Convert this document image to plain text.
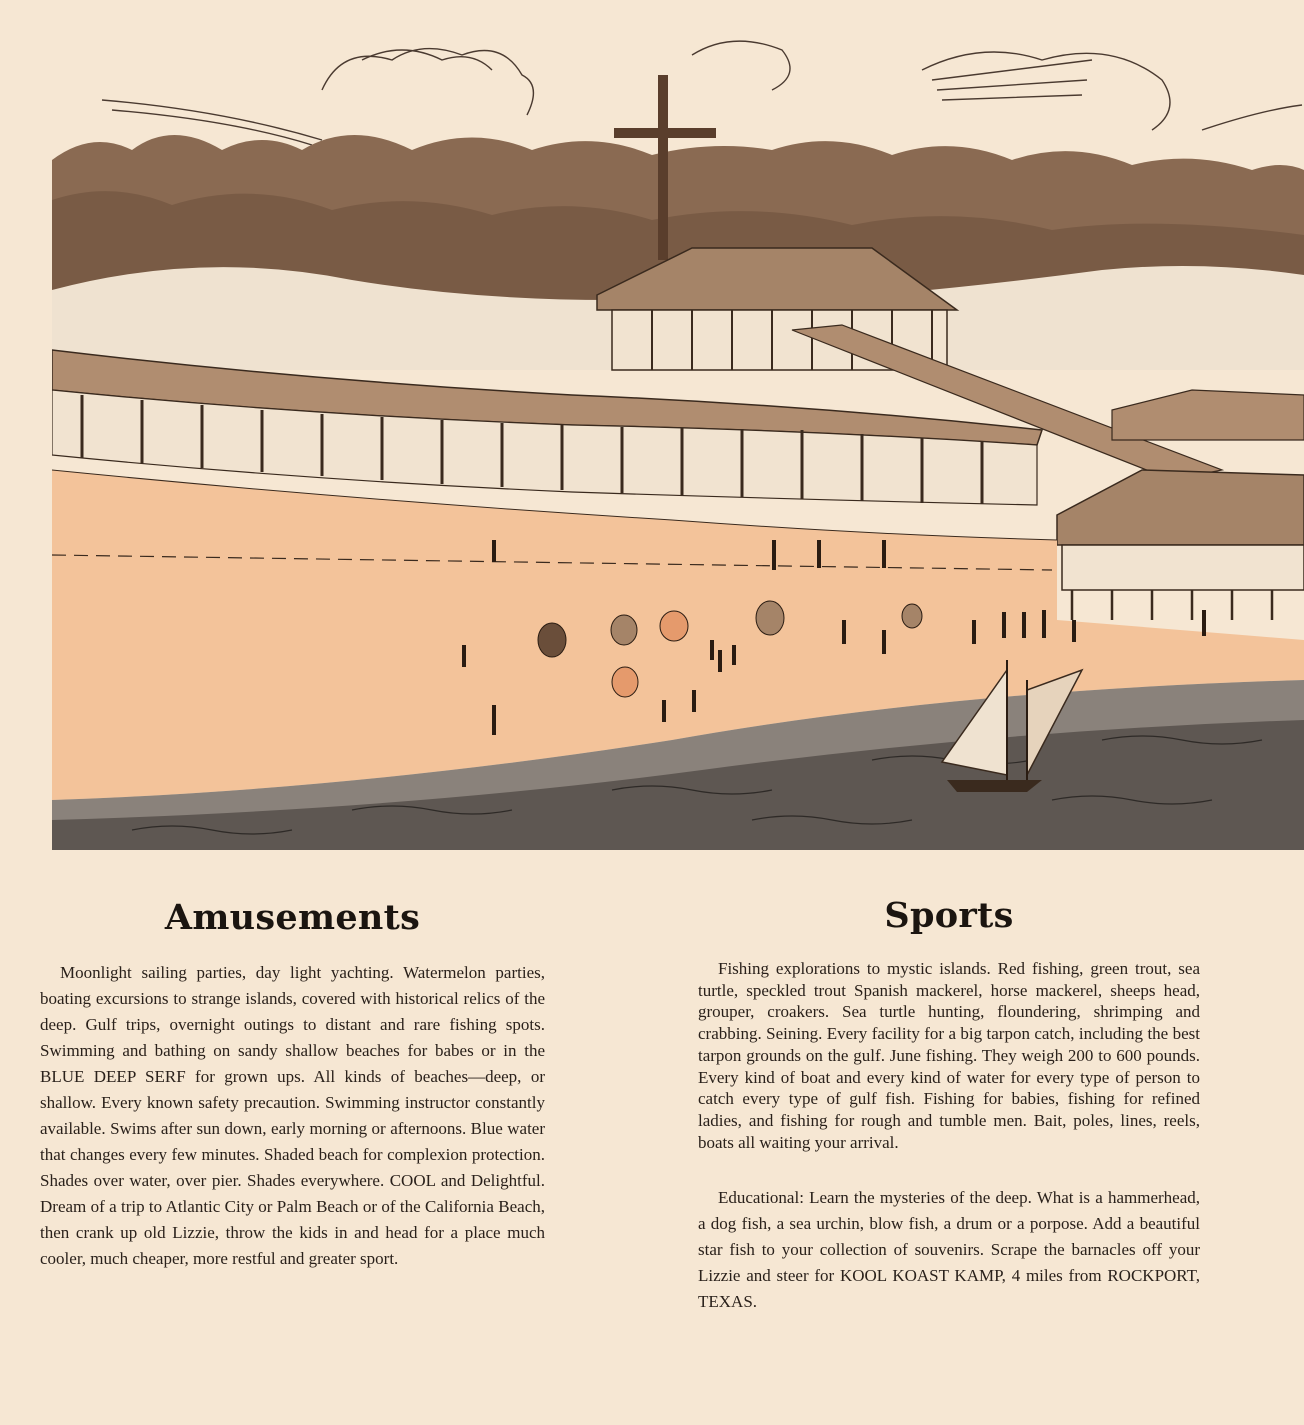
Amusements

Moonlight sailing parties, day light yachting. Watermelon parties, boating excursions to strange islands, covered with historical relics of the deep. Gulf trips, overnight outings to distant and rare fishing spots. Swimming and bathing on sandy shallow beaches for babes or in the BLUE DEEP SERF for grown ups. All kinds of beaches—deep, or shallow. Every known safety precaution. Swimming instructor constantly available. Swims after sun down, early morning or afternoons. Blue water that changes every few minutes. Shaded beach for complexion protection. Shades over water, over pier. Shades everywhere. COOL and Delightful. Dream of a trip to Atlantic City or Palm Beach or of the California Beach, then crank up old Lizzie, throw the kids in and head for a place much cooler, much cheaper, more restful and greater sport.

Sports

Fishing explorations to mystic islands. Red fishing, green trout, sea turtle, speckled trout Spanish mackerel, horse mackerel, sheeps head, grouper, croakers. Sea turtle hunting, floundering, shrimping and crabbing. Seining. Every facility for a big tarpon catch, including the best tarpon grounds on the gulf. June fishing. They weigh 200 to 600 pounds. Every kind of boat and every kind of water for every type of person to catch every type of gulf fish. Fishing for babies, fishing for refined ladies, and fishing for rough and tumble men. Bait, poles, lines, reels, boats all waiting your arrival.

Educational: Learn the mysteries of the deep. What is a hammerhead, a dog fish, a sea urchin, blow fish, a drum or a porpose. Add a beautiful star fish to your collection of souvenirs. Scrape the barnacles off your Lizzie and steer for KOOL KOAST KAMP, 4 miles from ROCKPORT, TEXAS.
